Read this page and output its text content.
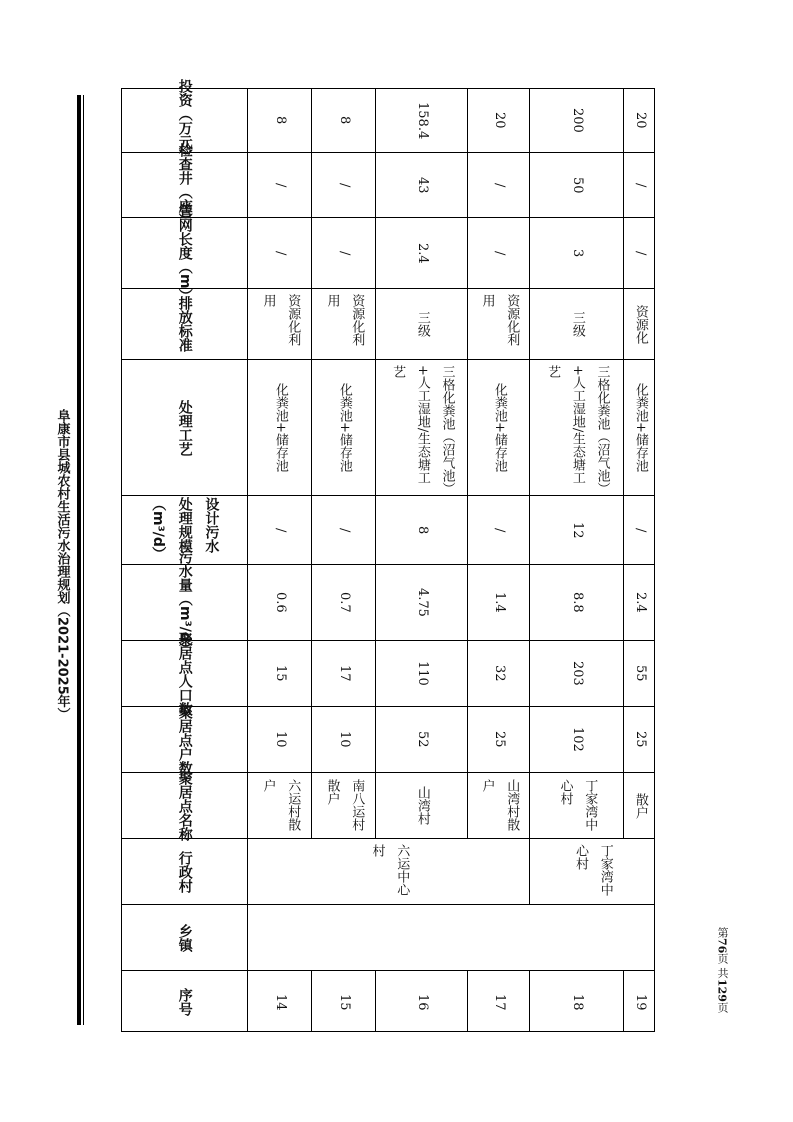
阜康市县城农村生活污水治理规划（2021-2025年）
第
76
页 共
129
页
投资（万元）
检查井（座）
管网长度（m）
排放标准
处理工艺
设计污水处理规模（m³/d）
污水量（m³/d）
聚居点人口数
聚居点户数
聚居点名称
行政村
乡镇
序号
8
/
/
资源化利用
化粪池+储存池
/
0.6
15
10
六运村散户
14
8
/
/
资源化利用
化粪池+储存池
/
0.7
17
10
南八运村散户
15
158.4
43
2.4
三级
三格化粪池（沼气池）+人工湿地/生态塘工艺
8
4.75
110
52
山湾村
16
六运中心村
20
/
/
资源化利用
化粪池+储存池
/
1.4
32
25
山湾村散户
17
200
50
3
三级
三格化粪池（沼气池）+人工湿地/生态塘工艺
12
8.8
203
102
丁家湾中心村
18
丁家湾中心村
20
/
/
资源化
化粪池+储存池
/
2.4
55
25
散户
19
